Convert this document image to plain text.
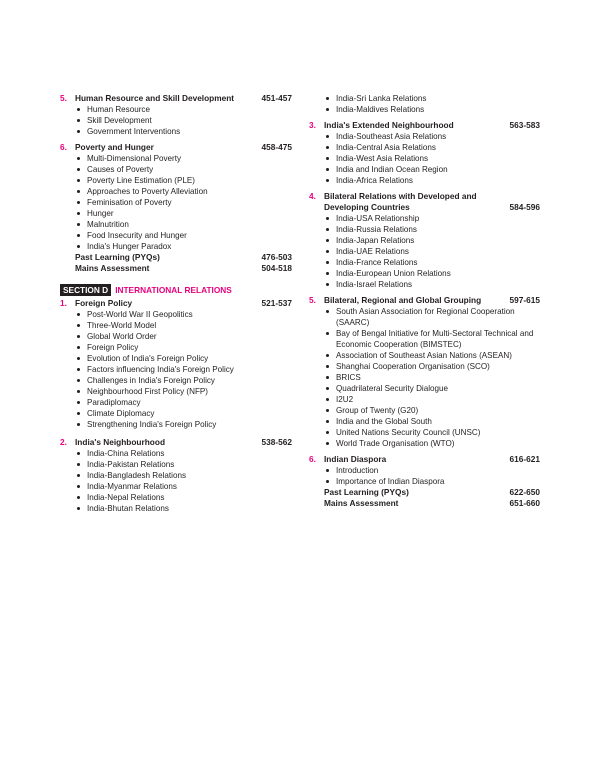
5. Human Resource and Skill Development	451-457
Human Resource
Skill Development
Government Interventions
6. Poverty and Hunger	458-475
Multi-Dimensional Poverty
Causes of Poverty
Poverty Line Estimation (PLE)
Approaches to Poverty Alleviation
Feminisation of Poverty
Hunger
Malnutrition
Food Insecurity and Hunger
India's Hunger Paradox
Past Learning (PYQs)	476-503
Mains Assessment	504-518
SECTION D INTERNATIONAL RELATIONS
1. Foreign Policy	521-537
Post-World War II Geopolitics
Three-World Model
Global World Order
Foreign Policy
Evolution of India's Foreign Policy
Factors influencing India's Foreign Policy
Challenges in India's Foreign Policy
Neighbourhood First Policy (NFP)
Paradiplomacy
Climate Diplomacy
Strengthening India's Foreign Policy
2. India's Neighbourhood	538-562
India-China Relations
India-Pakistan Relations
India-Bangladesh Relations
India-Myanmar Relations
India-Nepal Relations
India-Bhutan Relations
India-Sri Lanka Relations
India-Maldives Relations
3. India's Extended Neighbourhood	563-583
India-Southeast Asia Relations
India-Central Asia Relations
India-West Asia Relations
India and Indian Ocean Region
India-Africa Relations
4. Bilateral Relations with Developed and Developing Countries	584-596
India-USA Relationship
India-Russia Relations
India-Japan Relations
India-UAE Relations
India-France Relations
India-European Union Relations
India-Israel Relations
5. Bilateral, Regional and Global Grouping	597-615
South Asian Association for Regional Cooperation (SAARC)
Bay of Bengal Initiative for Multi-Sectoral Technical and Economic Cooperation (BIMSTEC)
Association of Southeast Asian Nations (ASEAN)
Shanghai Cooperation Organisation (SCO)
BRICS
Quadrilateral Security Dialogue
I2U2
Group of Twenty (G20)
India and the Global South
United Nations Security Council (UNSC)
World Trade Organisation (WTO)
6. Indian Diaspora	616-621
Introduction
Importance of Indian Diaspora
Past Learning (PYQs)	622-650
Mains Assessment	651-660
